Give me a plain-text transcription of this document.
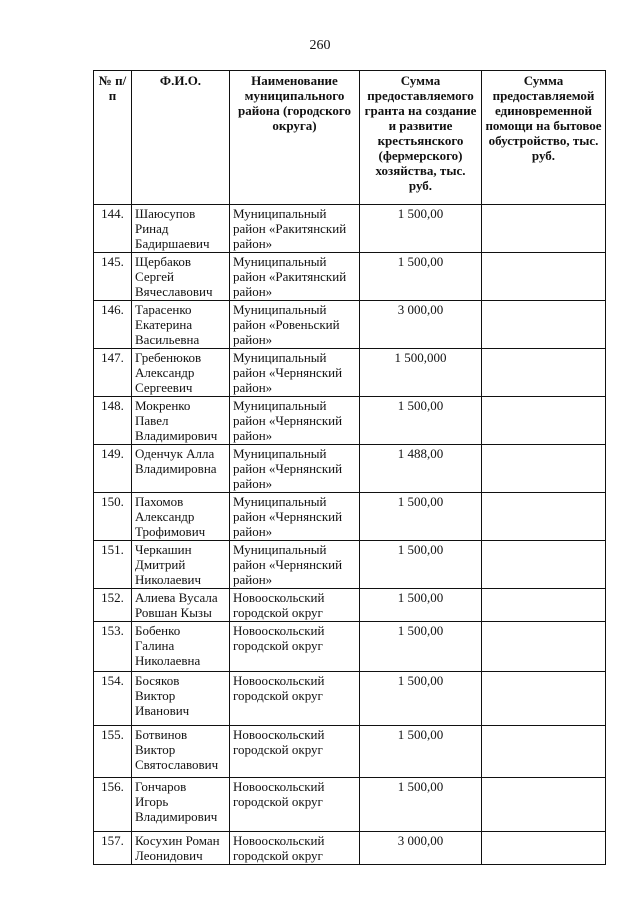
260
№ п/п	Ф.И.О.	Наименование муниципального района (городского округа)	Сумма предоставляемого гранта на создание и развитие крестьянского (фермерского) хозяйства, тыс. руб.	Сумма предоставляемой единовременной помощи на бытовое обустройство, тыс. руб.
144.	Шаюсупов
Ринад
Бадиршаевич	Муниципальный
район «Ракитянский
район»	1 500,00	
145.	Щербаков
Сергей
Вячеславович	Муниципальный
район «Ракитянский
район»	1 500,00	
146.	Тарасенко
Екатерина
Васильевна	Муниципальный
район «Ровеньский
район»	3 000,00	
147.	Гребенюков
Александр
Сергеевич	Муниципальный
район «Чернянский
район»	1 500,000	
148.	Мокренко
Павел
Владимирович	Муниципальный
район «Чернянский
район»	1 500,00	
149.	Оденчук Алла
Владимировна	Муниципальный
район «Чернянский
район»	1 488,00	
150.	Пахомов
Александр
Трофимович	Муниципальный
район «Чернянский
район»	1 500,00	
151.	Черкашин
Дмитрий
Николаевич	Муниципальный
район «Чернянский
район»	1 500,00	
152.	Алиева Вусала
Ровшан Кызы	Новооскольский
городской округ	1 500,00	
153.	Бобенко
Галина
Николаевна	Новооскольский
городской округ	1 500,00	
154.	Босяков
Виктор
Иванович	Новооскольский
городской округ	1 500,00	
155.	Ботвинов
Виктор
Святославович	Новооскольский
городской округ	1 500,00	
156.	Гончаров
Игорь
Владимирович	Новооскольский
городской округ	1 500,00	
157.	Косухин Роман
Леонидович	Новооскольский
городской округ	3 000,00	
